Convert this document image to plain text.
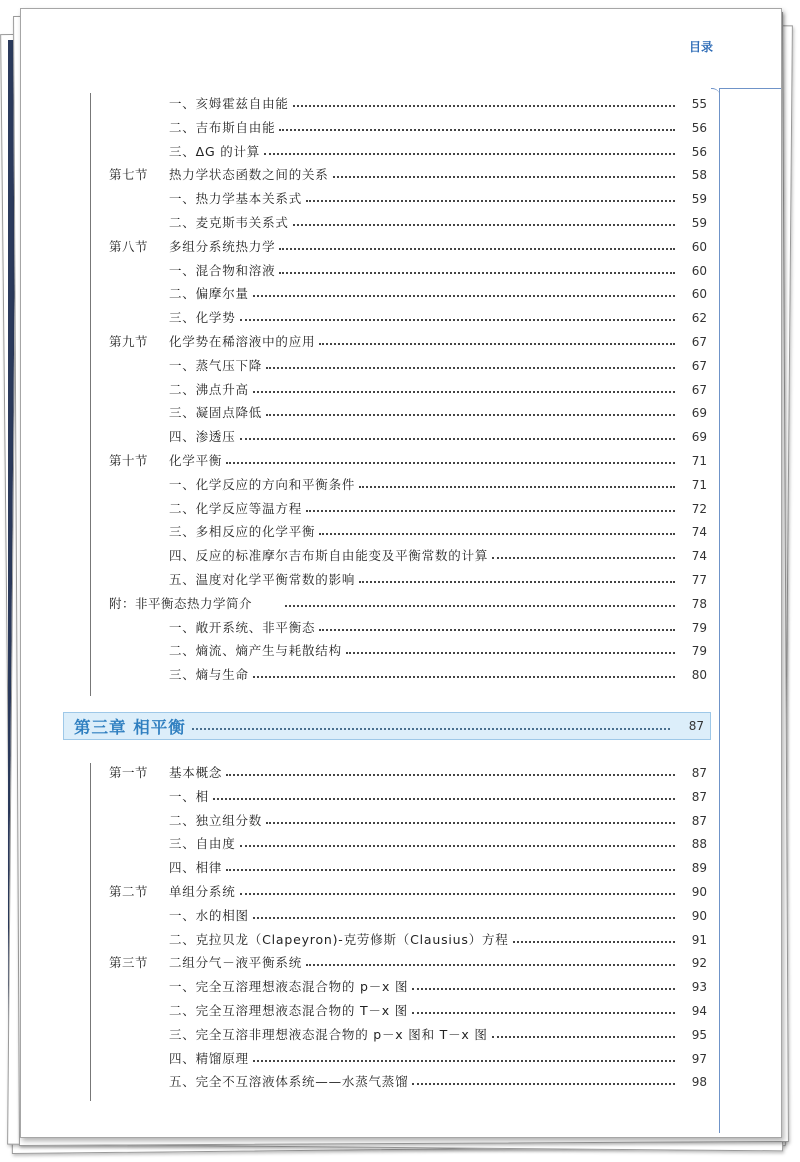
目录
一、亥姆霍兹自由能	55
二、吉布斯自由能	56
三、ΔG 的计算	56
第七节 热力学状态函数之间的关系	58
一、热力学基本关系式	59
二、麦克斯韦关系式	59
第八节 多组分系统热力学	60
一、混合物和溶液	60
二、偏摩尔量	60
三、化学势	62
第九节 化学势在稀溶液中的应用	67
一、蒸气压下降	67
二、沸点升高	67
三、凝固点降低	69
四、渗透压	69
第十节 化学平衡	71
一、化学反应的方向和平衡条件	71
二、化学反应等温方程	72
三、多相反应的化学平衡	74
四、反应的标准摩尔吉布斯自由能变及平衡常数的计算	74
五、温度对化学平衡常数的影响	77
附：非平衡态热力学简介	78
一、敞开系统、非平衡态	79
二、熵流、熵产生与耗散结构	79
三、熵与生命	80
第三章 相平衡	87
第一节 基本概念	87
一、相	87
二、独立组分数	87
三、自由度	88
四、相律	89
第二节 单组分系统	90
一、水的相图	90
二、克拉贝龙（Clapeyron)-克劳修斯（Clausius）方程	91
第三节 二组分气－液平衡系统	92
一、完全互溶理想液态混合物的 p－x 图	93
二、完全互溶理想液态混合物的 T－x 图	94
三、完全互溶非理想液态混合物的 p－x 图和 T－x 图	95
四、精馏原理	97
五、完全不互溶液体系统——水蒸气蒸馏	98
